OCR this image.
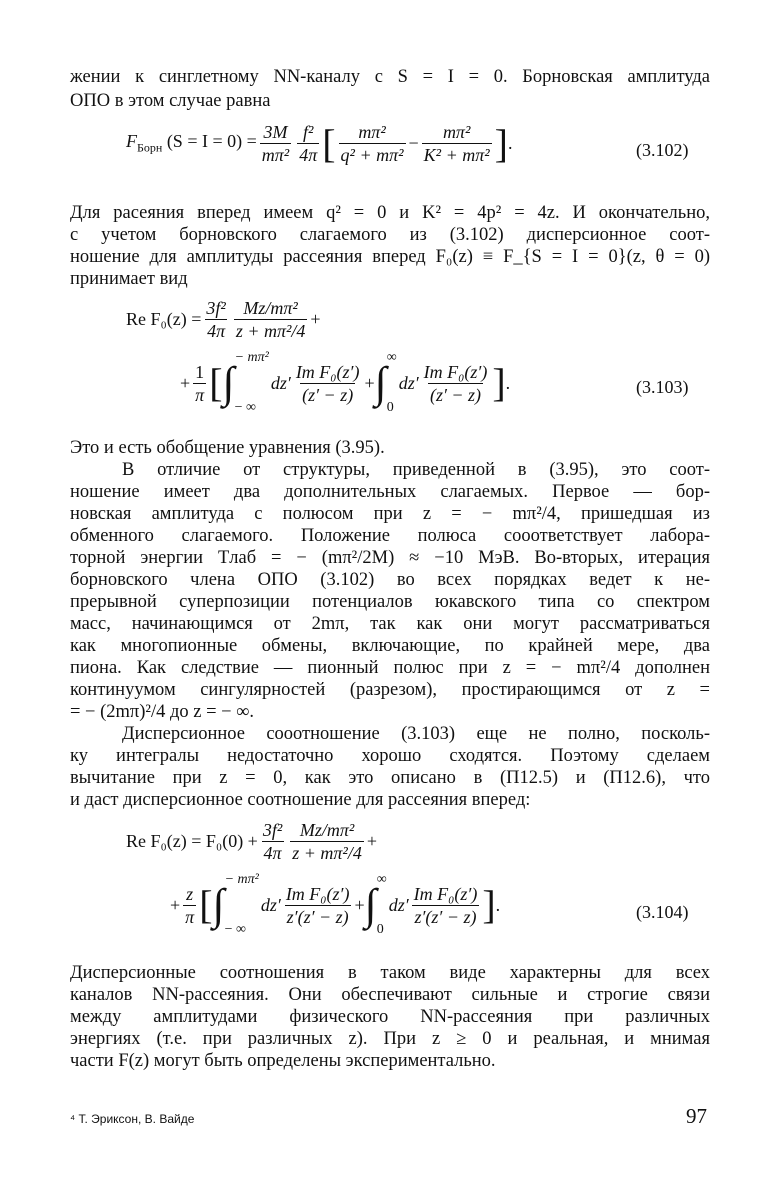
жении к синглетному NN-каналу с S = I = 0. Борновская амплитуда
ОПО в этом случае равна
$F_{Борн}$ $(S = I = 0) = \frac{3M}{\text{mπ²}} \frac{\text{f²}}{4\pi}$ [ $\frac{\text{mπ²}}{\text{q² + mπ²}} - \frac{\text{mπ²}}{\text{K² + mπ²}}$ ] .	(3.102)
Для расеяния вперед имеем q² = 0 и K² = 4p² = 4z. И окончательно,
с учетом борновского слагаемого из (3.102) дисперсионное соот-
ношение для амплитуды рассеяния вперед F₀(z) ≡ F_{S = I = 0}(z, θ = 0)
принимает вид
Re $F_0(z) = \frac{\text{3f²}}{4\pi} \frac{\text{Mz/mπ²}}{\text{z + mπ²/4}}$ +
+ $\frac{1}{\pi}$ [ ∫
− mπ²
− ∞
$dz' \frac{\text{Im F₀(z′)}}{(z' - z)}$ + ∫
∞
0
$dz' \frac{\text{Im F₀(z′)}}{(z' - z)}$ ] .	(3.103)
Это и есть обобщение уравнения (3.95).
В отличие от структуры, приведенной в (3.95), это соот-
ношение имеет два дополнительных слагаемых. Первое — бор-
новская амплитуда с полюсом при z = − mπ²/4, пришедшая из
обменного слагаемого. Положение полюса сооответствует лабора-
торной энергии Tлаб = − (mπ²/2M) ≈ −10 МэВ. Во-вторых, итерация
борновского члена ОПО (3.102) во всех порядках ведет к не-
прерывной суперпозиции потенциалов юкавского типа со спектром
масс, начинающимся от 2mπ, так как они могут рассматриваться
как многопионные обмены, включающие, по крайней мере, два
пиона. Как следствие — пионный полюс при z = − mπ²/4 дополнен
континуумом сингулярностей (разрезом), простирающимся от z =
= − (2mπ)²/4 до z = − ∞.
Дисперсионное сооотношение (3.103) еще не полно, посколь-
ку интегралы недостаточно хорошо сходятся. Поэтому сделаем
вычитание при z = 0, как это описано в (П12.5) и (П12.6), что
и даст дисперсионное соотношение для рассеяния вперед:
Re $F_0(z) = F_0(0) + \frac{\text{3f²}}{4\pi} \frac{\text{Mz/mπ²}}{\text{z + mπ²/4}}$ +
+ $\frac{z}{\pi}$ [ ∫
− mπ²
− ∞
$dz' \frac{\text{Im F₀(z′)}}{z'(z' - z)}$ + ∫
∞
0
$dz' \frac{\text{Im F₀(z′)}}{z'(z' - z)}$ ] .	(3.104)
Дисперсионные соотношения в таком виде характерны для всех
каналов NN-рассеяния. Они обеспечивают сильные и строгие связи
между амплитудами физического NN-рассеяния при различных
энергиях (т.е. при различных z). При z ≥ 0 и реальная, и мнимая
части F(z) могут быть определены экспериментально.
⁴ Т. Эриксон, В. Вайде	97
